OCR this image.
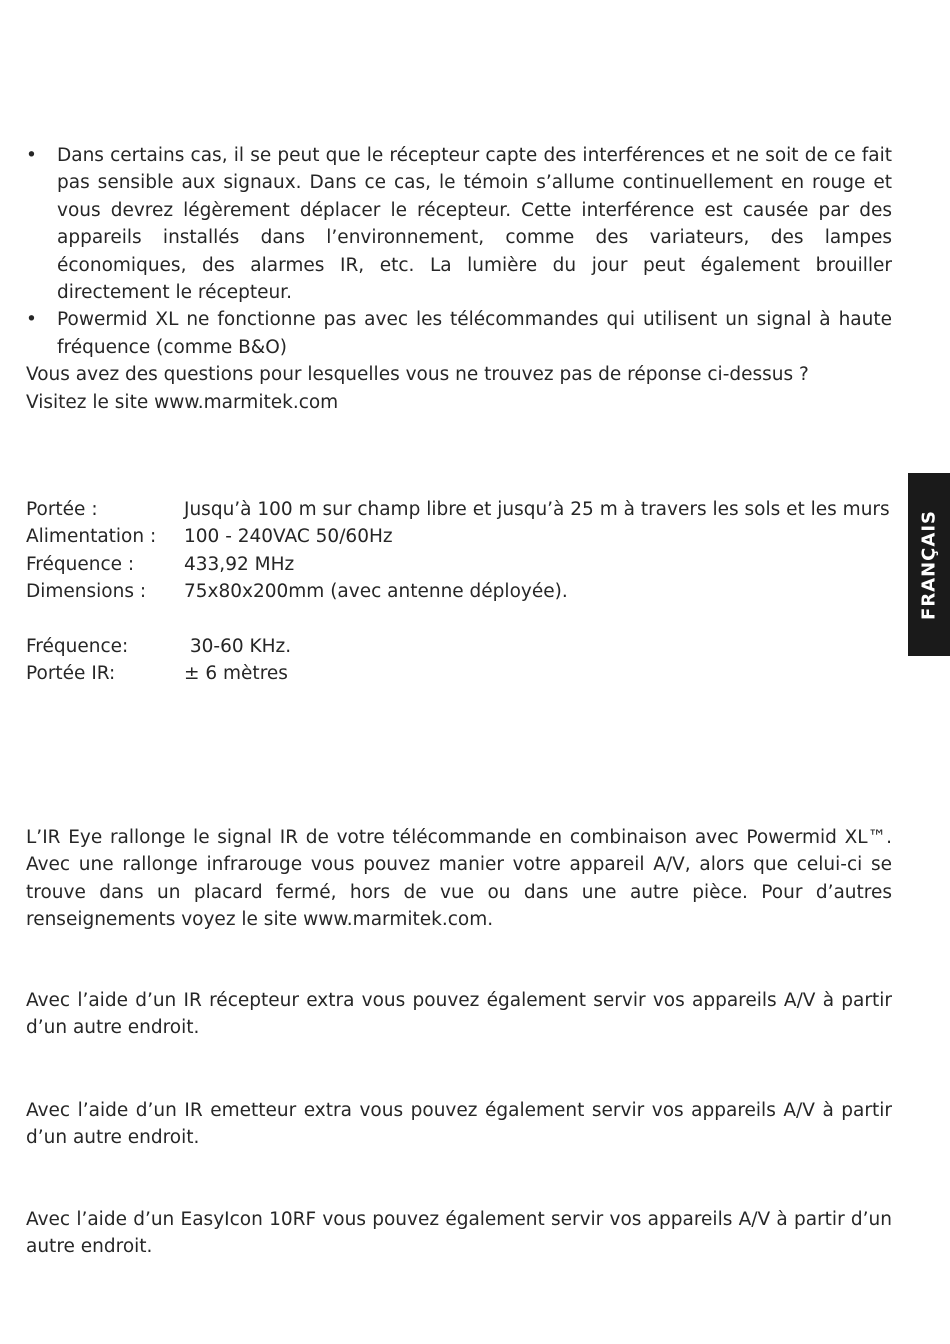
• Dans certains cas, il se peut que le récepteur capte des interférences et ne soit de ce fait pas sensible aux signaux. Dans ce cas, le témoin s’allume continuellement en rouge et vous devrez légèrement déplacer le récepteur. Cette interférence est causée par des appareils installés dans l’environnement, comme des variateurs, des lampes économiques, des alarmes IR, etc. La lumière du jour peut également brouiller directement le récepteur.
• Powermid XL ne fonctionne pas avec les télécommandes qui utilisent un signal à haute fréquence (comme B&O)
Vous avez des questions pour lesquelles vous ne trouvez pas de réponse ci-dessus ?
Visitez le site www.marmitek.com
Portée :	Jusqu’à 100 m sur champ libre et jusqu’à 25 m à travers les sols et les murs
Alimentation :	100 - 240VAC 50/60Hz
Fréquence :	433,92 MHz
Dimensions :	75x80x200mm (avec antenne déployée).
Fréquence:	30-60 KHz.
Portée IR:	± 6 mètres

L’IR Eye rallonge le signal IR de votre télécommande en combinaison avec Powermid XL™. Avec une rallonge infrarouge vous pouvez manier votre appareil A/V, alors que celui-ci se trouve dans un placard fermé, hors de vue ou dans une autre pièce. Pour d’autres renseignements voyez le site www.marmitek.com.

Avec l’aide d’un IR récepteur extra vous pouvez également servir vos appareils A/V à partir d’un autre endroit.

Avec l’aide d’un IR emetteur extra vous pouvez également servir vos appareils A/V à partir d’un autre endroit.

Avec l’aide d’un EasyIcon 10RF vous pouvez également servir vos appareils A/V à partir d’un autre endroit.

FRANÇAIS
